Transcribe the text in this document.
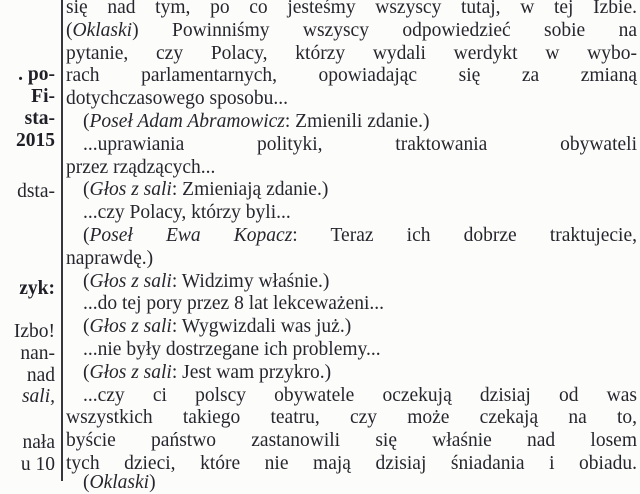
. po-
Fi-
sta-
2015
dsta-
zyk:
Izbo!
nan-
nad
sali,
nała
u 10
się nad tym, po co jesteśmy wszyscy tutaj, w tej Izbie.
(Oklaski) Powinniśmy wszyscy odpowiedzieć sobie na
pytanie, czy Polacy, którzy wydali werdykt w wybo-
rach parlamentarnych, opowiadając się za zmianą
dotychczasowego sposobu...
(Poseł Adam Abramowicz: Zmienili zdanie.)
...uprawiania polityki, traktowania obywateli
przez rządzących...
(Głos z sali: Zmieniają zdanie.)
...czy Polacy, którzy byli...
(Poseł Ewa Kopacz: Teraz ich dobrze traktujecie,
naprawdę.)
(Głos z sali: Widzimy właśnie.)
...do tej pory przez 8 lat lekceważeni...
(Głos z sali: Wygwizdali was już.)
...nie były dostrzegane ich problemy...
(Głos z sali: Jest wam przykro.)
...czy ci polscy obywatele oczekują dzisiaj od was
wszystkich takiego teatru, czy może czekają na to,
byście państwo zastanowili się właśnie nad losem
tych dzieci, które nie mają dzisiaj śniadania i obiadu.
(Oklaski)
